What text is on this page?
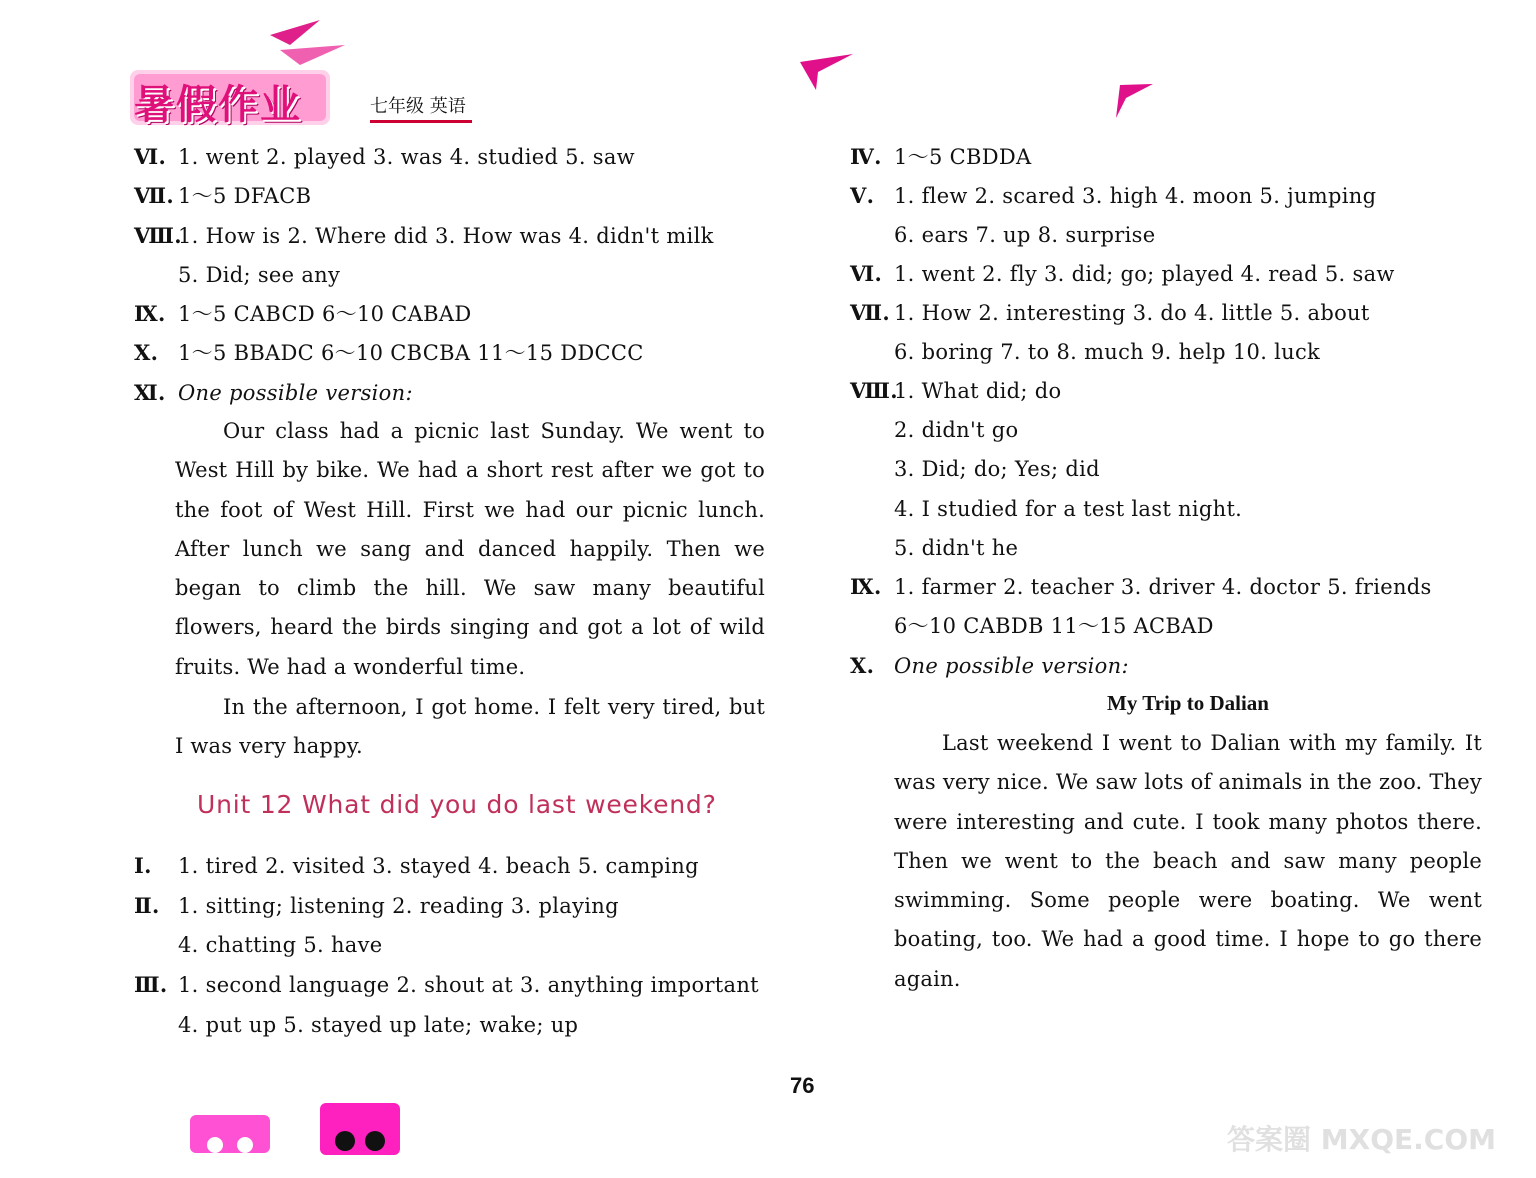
暑假作业	七年级 英语
Ⅵ. 1. went 2. played 3. was 4. studied 5. saw
Ⅶ. 1～5 DFACB
Ⅷ.1. How is 2. Where did 3. How was 4. didn't milk
5. Did; see any
Ⅸ. 1～5 CABCD 6～10 CABAD
Ⅹ. 1～5 BBADC 6～10 CBCBA 11～15 DDCCC
Ⅺ. One possible version:
Our class had a picnic last Sunday. We went to West Hill by bike. We had a short rest after we got to the foot of West Hill. First we had our picnic lunch. After lunch we sang and danced happily. Then we began to climb the hill. We saw many beautiful flowers, heard the birds singing and got a lot of wild fruits. We had a wonderful time.
In the afternoon, I got home. I felt very tired, but I was very happy.
Unit 12 What did you do last weekend?
Ⅰ. 1. tired 2. visited 3. stayed 4. beach 5. camping
Ⅱ. 1. sitting; listening 2. reading 3. playing
4. chatting 5. have
Ⅲ. 1. second language 2. shout at 3. anything important
4. put up 5. stayed up late; wake; up
Ⅳ. 1～5 CBDDA
Ⅴ. 1. flew 2. scared 3. high 4. moon 5. jumping
6. ears 7. up 8. surprise
Ⅵ. 1. went 2. fly 3. did; go; played 4. read 5. saw
Ⅶ. 1. How 2. interesting 3. do 4. little 5. about
6. boring 7. to 8. much 9. help 10. luck
Ⅷ.1. What did; do
2. didn't go
3. Did; do; Yes; did
4. I studied for a test last night.
5. didn't he
Ⅸ. 1. farmer 2. teacher 3. driver 4. doctor 5. friends
6～10 CABDB 11～15 ACBAD
Ⅹ. One possible version:
My Trip to Dalian
Last weekend I went to Dalian with my family. It was very nice. We saw lots of animals in the zoo. They were interesting and cute. I took many photos there. Then we went to the beach and saw many people swimming. Some people were boating. We went boating, too. We had a good time. I hope to go there again.
76
答案圈 MXQE.COM
